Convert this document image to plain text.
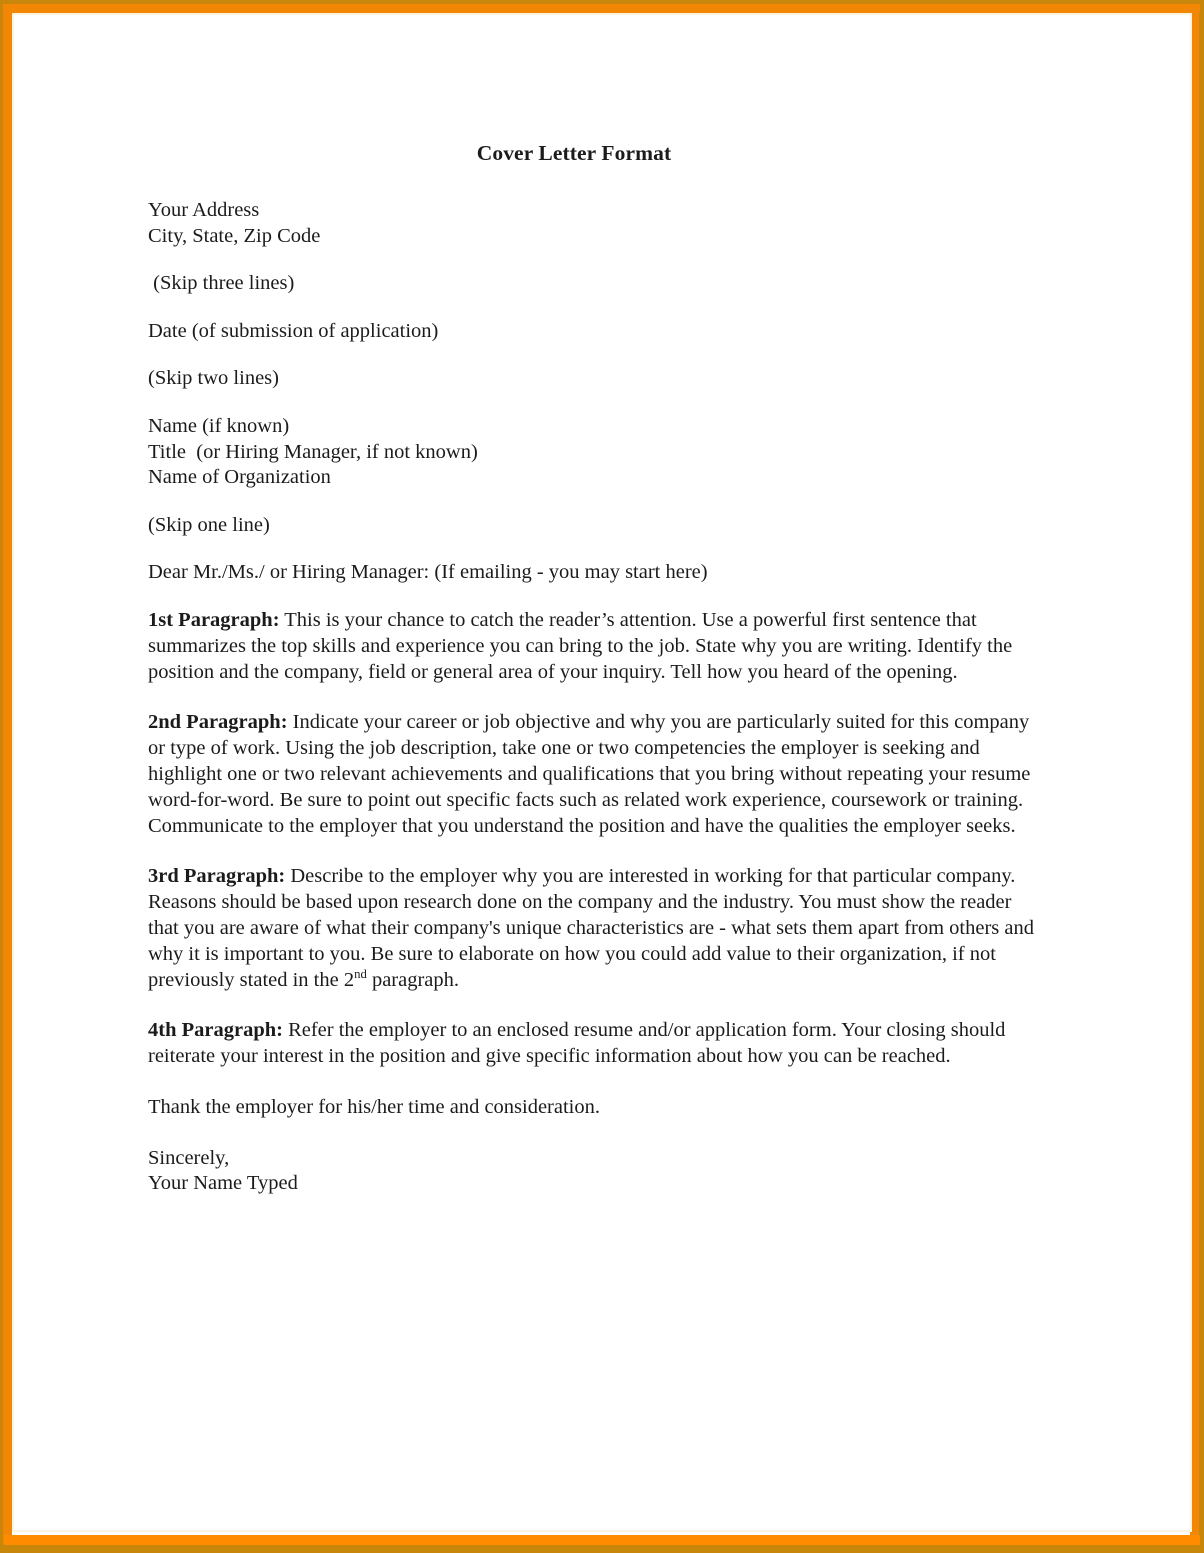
Cover Letter Format
Your Address
City, State, Zip Code
(Skip three lines)
Date (of submission of application)
(Skip two lines)
Name (if known)
Title  (or Hiring Manager, if not known)
Name of Organization
(Skip one line)
Dear Mr./Ms./ or Hiring Manager: (If emailing - you may start here)

1st Paragraph: This is your chance to catch the reader’s attention. Use a powerful first sentence that summarizes the top skills and experience you can bring to the job. State why you are writing. Identify the position and the company, field or general area of your inquiry. Tell how you heard of the opening.

2nd Paragraph: Indicate your career or job objective and why you are particularly suited for this company or type of work. Using the job description, take one or two competencies the employer is seeking and highlight one or two relevant achievements and qualifications that you bring without repeating your resume word-for-word. Be sure to point out specific facts such as related work experience, coursework or training. Communicate to the employer that you understand the position and have the qualities the employer seeks.

3rd Paragraph: Describe to the employer why you are interested in working for that particular company. Reasons should be based upon research done on the company and the industry. You must show the reader that you are aware of what their company's unique characteristics are - what sets them apart from others and why it is important to you. Be sure to elaborate on how you could add value to their organization, if not previously stated in the 2nd paragraph.

4th Paragraph: Refer the employer to an enclosed resume and/or application form. Your closing should reiterate your interest in the position and give specific information about how you can be reached.

Thank the employer for his/her time and consideration.

Sincerely,
Your Name Typed
